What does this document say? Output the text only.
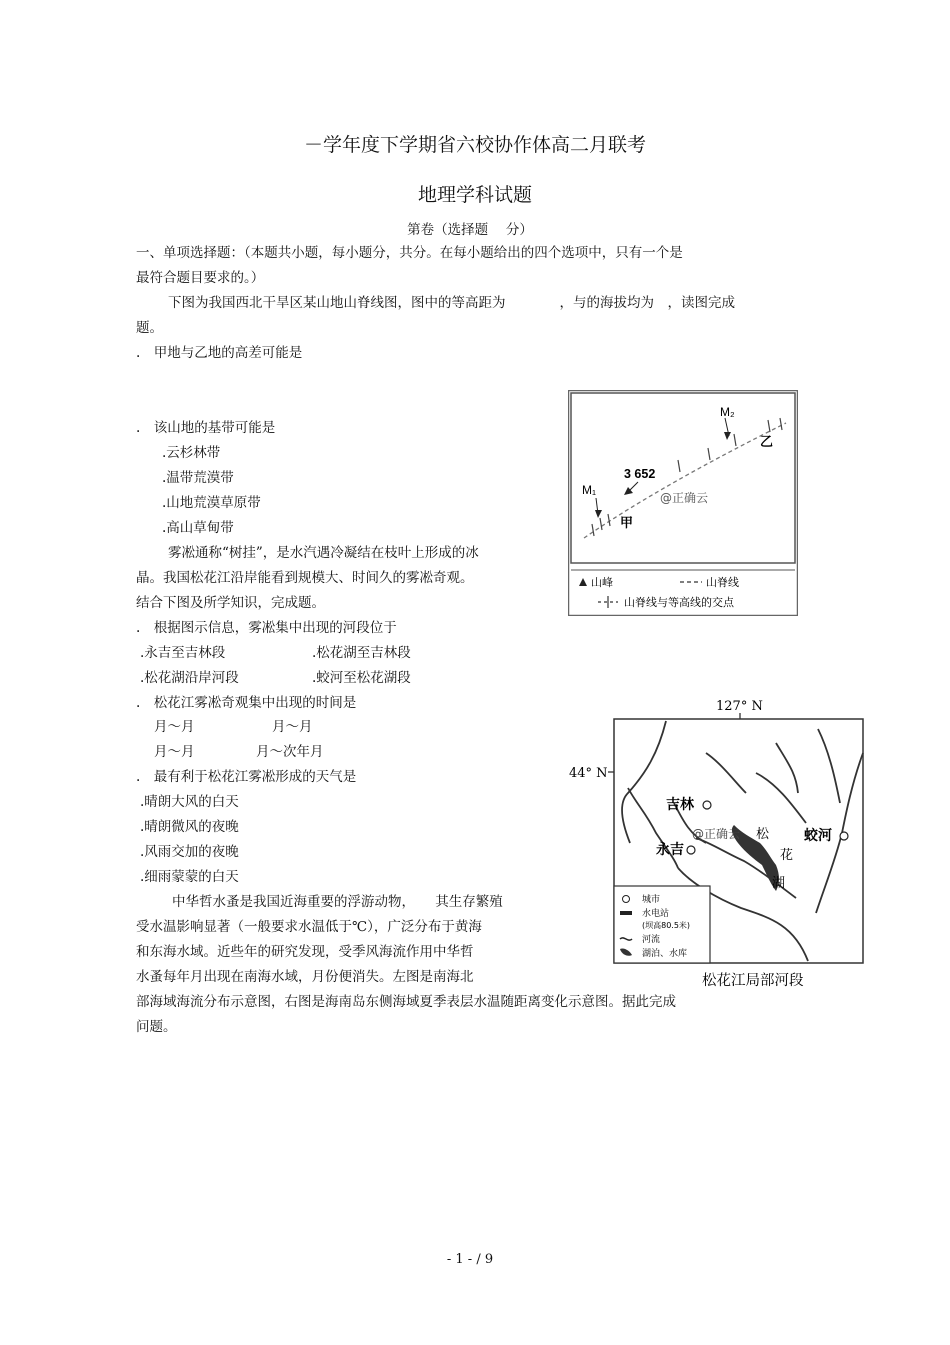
－学年度下学期省六校协作体高二月联考
地理学科试题
第卷（选择题　 分）
一、单项选择题：（本题共小题，每小题分，共分。在每小题给出的四个选项中，只有一个是
最符合题目要求的。）
下图为我国西北干旱区某山地山脊线图，图中的等高距为　　　　，与的海拔均为　，读图完成
题。
.　甲地与乙地的高差可能是
.　该山地的基带可能是
.云杉林带
.温带荒漠带
.山地荒漠草原带
.高山草甸带
雾凇通称“树挂”，是水汽遇冷凝结在枝叶上形成的冰
晶。我国松花江沿岸能看到规模大、时间久的雾凇奇观。
结合下图及所学知识，完成题。
.　根据图示信息，雾凇集中出现的河段位于
.永吉至吉林段	.松花湖至吉林段
.松花湖沿岸河段	.蛟河至松花湖段
.　松花江雾凇奇观集中出现的时间是
月～月	月～月
月～月	月～次年月
.　最有利于松花江雾凇形成的天气是
.晴朗大风的白天
.晴朗微风的夜晚
.风雨交加的夜晚
.细雨蒙蒙的白天
中华哲水蚤是我国近海重要的浮游动物，　　其生存繁殖
受水温影响显著（一般要求水温低于℃），广泛分布于黄海
和东海水域。近些年的研究发现，受季风海流作用中华哲
水蚤每年月出现在南海水域，月份便消失。左图是南海北
部海域海流分布示意图，右图是海南岛东侧海域夏季表层水温随距离变化示意图。据此完成
问题。
M₂
乙
3 652
@正确云
M₁
甲
山峰	山脊线
山脊线与等高线的交点
127° N
44° N
吉林
永吉
蛟河
@正确云 松
花
湖
城市
水电站
(坝高80.5米)
河流
湖泊、水库
松花江局部河段
- 1 - / 9
